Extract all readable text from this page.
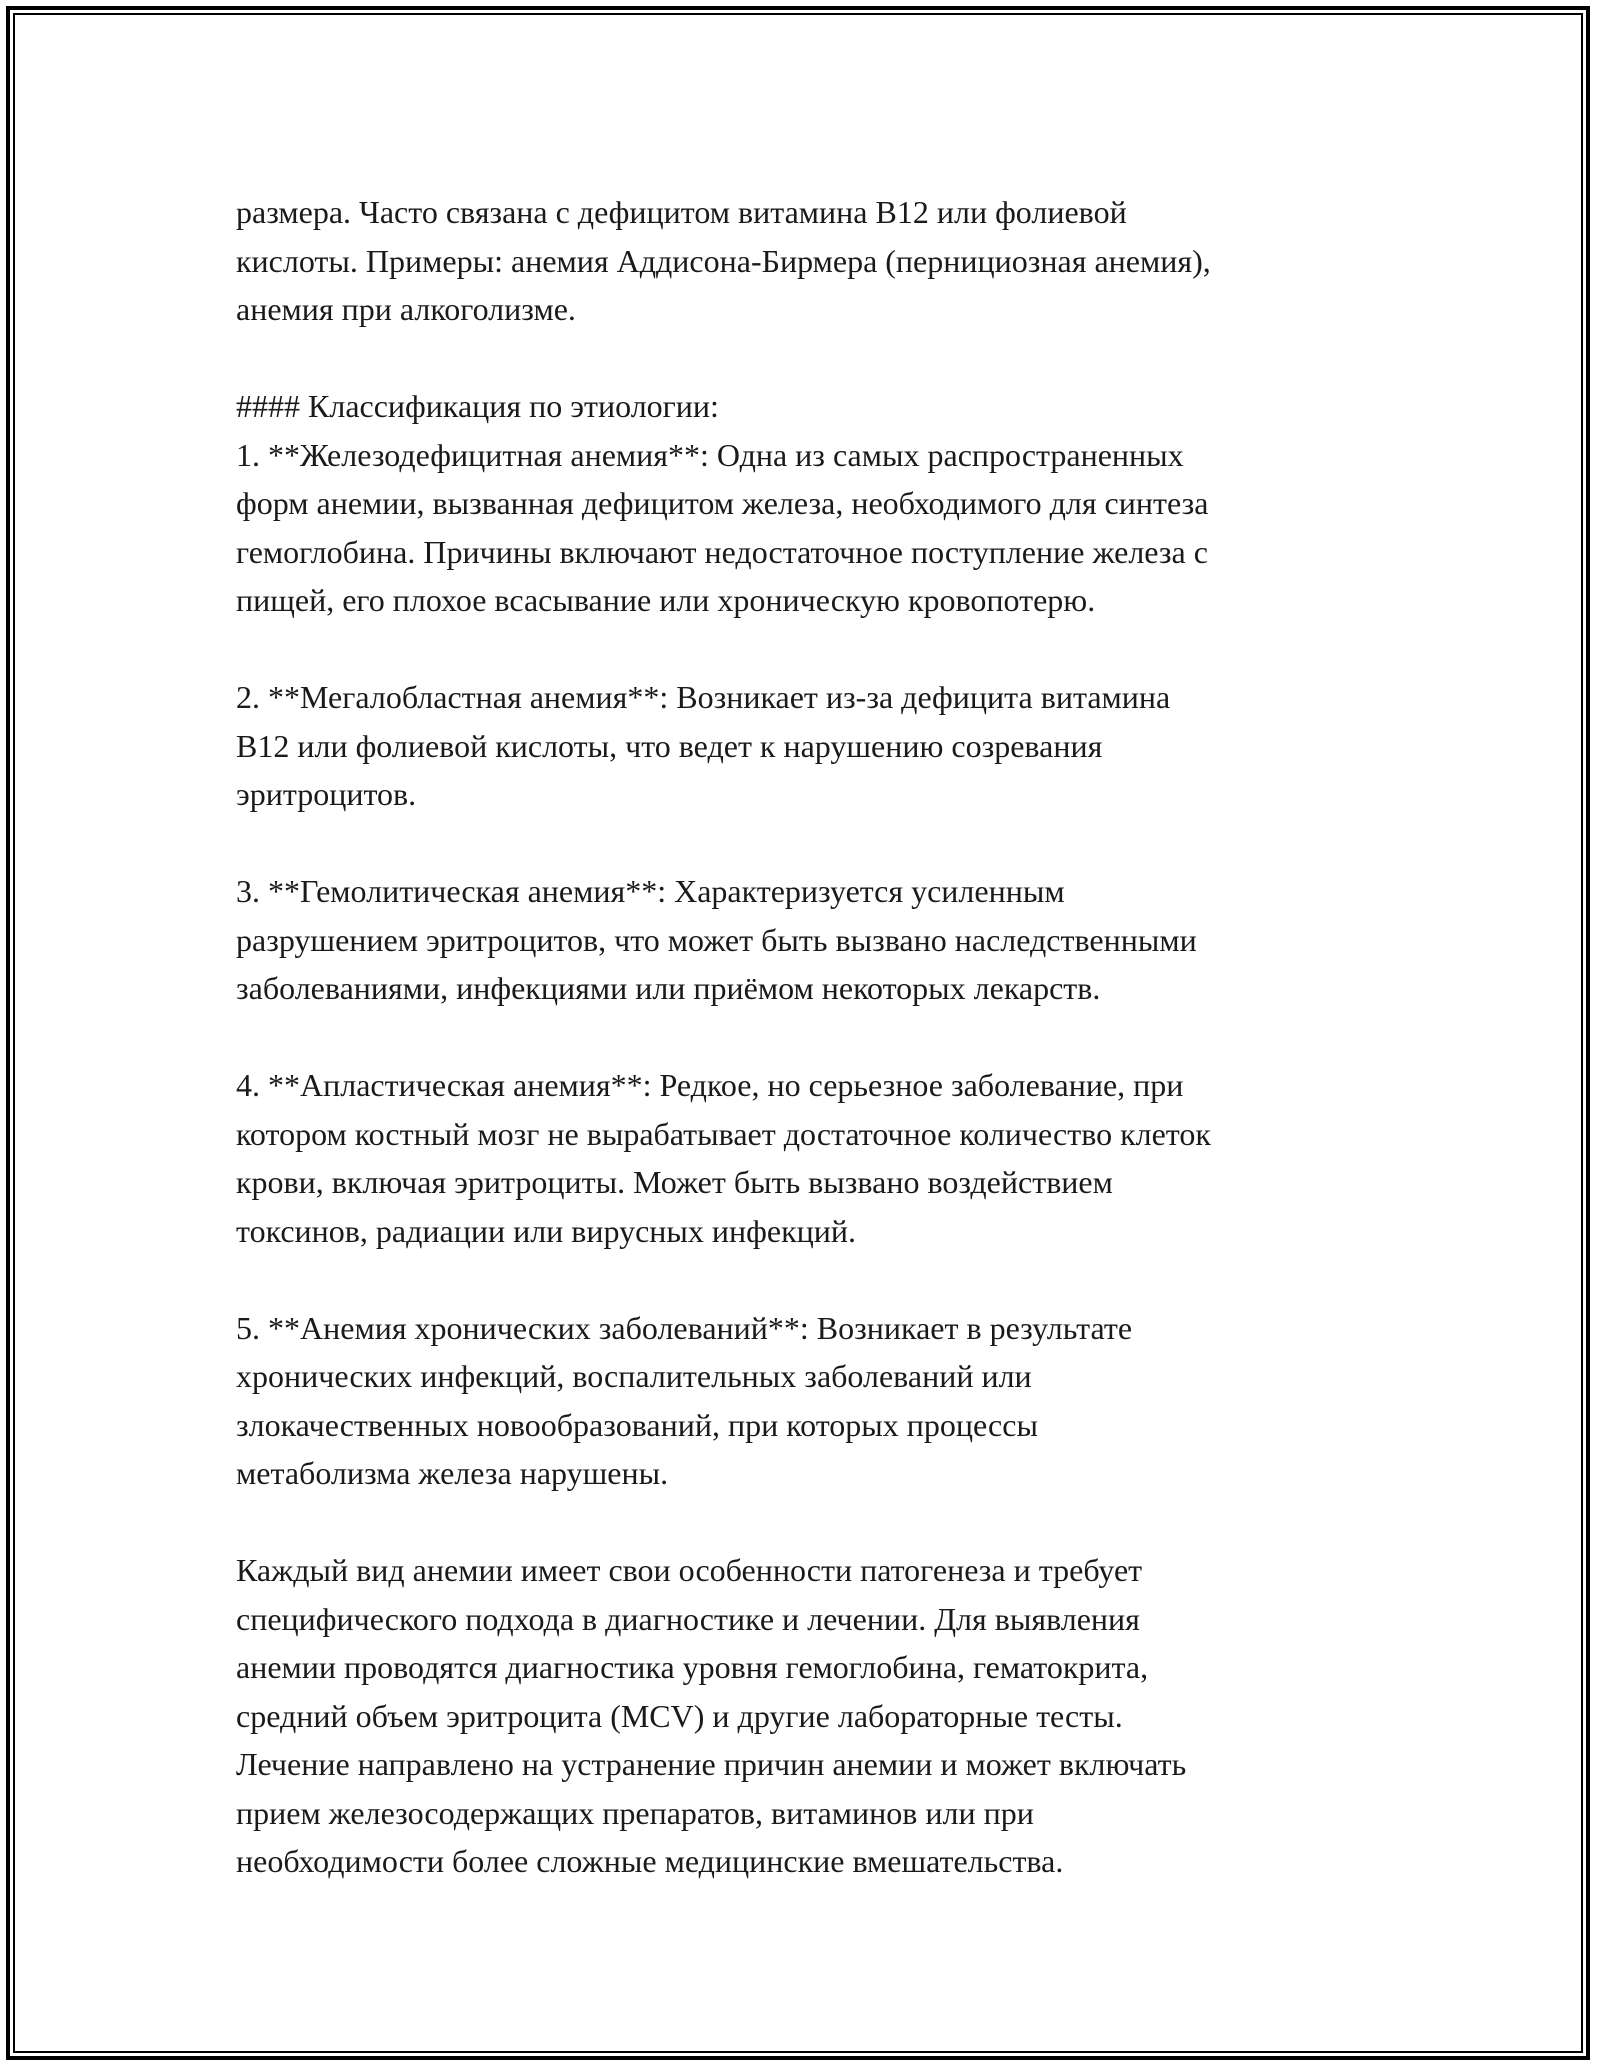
размера. Часто связана с дефицитом витамина B12 или фолиевой
кислоты. Примеры: анемия Аддисона-Бирмера (пернициозная анемия),
анемия при алкоголизме.
#### Классификация по этиологии:
1. **Железодефицитная анемия**: Одна из самых распространенных
форм анемии, вызванная дефицитом железа, необходимого для синтеза
гемоглобина. Причины включают недостаточное поступление железа с
пищей, его плохое всасывание или хроническую кровопотерю.
2. **Мегалобластная анемия**: Возникает из-за дефицита витамина
B12 или фолиевой кислоты, что ведет к нарушению созревания
эритроцитов.
3. **Гемолитическая анемия**: Характеризуется усиленным
разрушением эритроцитов, что может быть вызвано наследственными
заболеваниями, инфекциями или приёмом некоторых лекарств.
4. **Апластическая анемия**: Редкое, но серьезное заболевание, при
котором костный мозг не вырабатывает достаточное количество клеток
крови, включая эритроциты. Может быть вызвано воздействием
токсинов, радиации или вирусных инфекций.
5. **Анемия хронических заболеваний**: Возникает в результате
хронических инфекций, воспалительных заболеваний или
злокачественных новообразований, при которых процессы
метаболизма железа нарушены.
Каждый вид анемии имеет свои особенности патогенеза и требует
специфического подхода в диагностике и лечении. Для выявления
анемии проводятся диагностика уровня гемоглобина, гематокрита,
средний объем эритроцита (MCV) и другие лабораторные тесты.
Лечение направлено на устранение причин анемии и может включать
прием железосодержащих препаратов, витаминов или при
необходимости более сложные медицинские вмешательства.
